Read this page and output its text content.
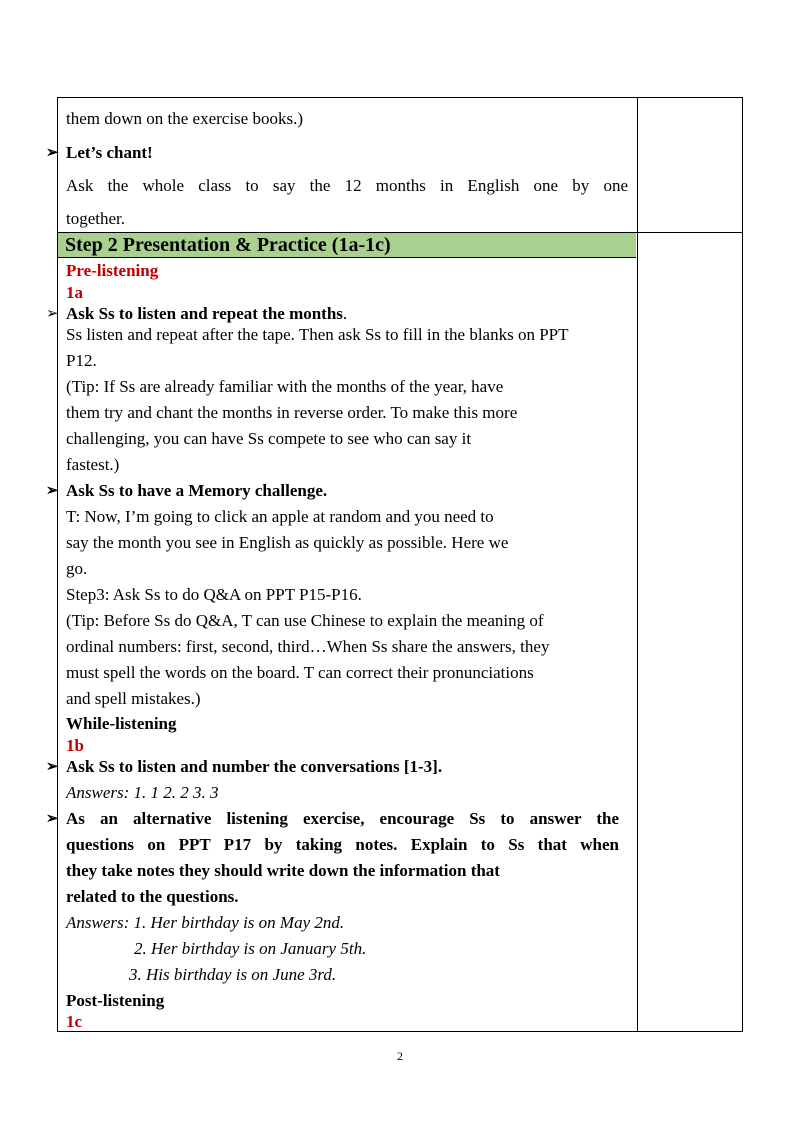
them down on the exercise books.)
➢ Let’s chant!
Ask the whole class to say the 12 months in English one by one
together.
Step 2 Presentation & Practice (1a-1c)
Pre-listening
1a
➢ Ask Ss to listen and repeat the months.
Ss listen and repeat after the tape. Then ask Ss to fill in the blanks on PPT
P12.
(Tip: If Ss are already familiar with the months of the year, have
them try and chant the months in reverse order. To make this more
challenging, you can have Ss compete to see who can say it
fastest.)
➢ Ask Ss to have a Memory challenge.
T: Now, I’m going to click an apple at random and you need to
say the month you see in English as quickly as possible. Here we
go.
Step3: Ask Ss to do Q&A on PPT P15-P16.
(Tip: Before Ss do Q&A, T can use Chinese to explain the meaning of
ordinal numbers: first, second, third…When Ss share the answers, they
must spell the words on the board. T can correct their pronunciations
and spell mistakes.)
While-listening
1b
➢ Ask Ss to listen and number the conversations [1-3].
Answers: 1. 1 2. 2 3. 3
➢ As an alternative listening exercise, encourage Ss to answer the
questions on PPT P17 by taking notes. Explain to Ss that when
they take notes they should write down the information that
related to the questions.
Answers: 1. Her birthday is on May 2nd.
2. Her birthday is on January 5th.
3. His birthday is on June 3rd.
Post-listening
1c
2
